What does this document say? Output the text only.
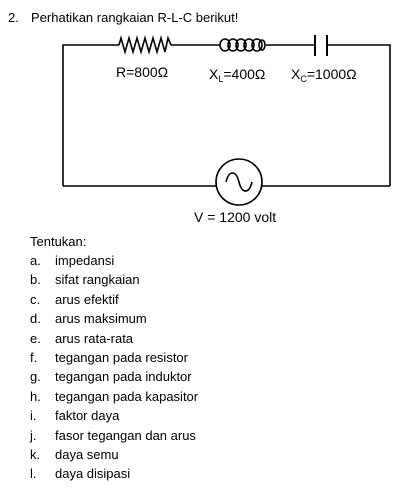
2. Perhatikan rangkaian R-L-C berikut!
R=800Ω	$X_L=400\Omega$ $X_C=1000\Omega$
V = 1200 volt
Tentukan:
a. impedansi
b. sifat rangkaian
c. arus efektif
d. arus maksimum
e. arus rata-rata
f. tegangan pada resistor
g. tegangan pada induktor
h. tegangan pada kapasitor
i. faktor daya
j. fasor tegangan dan arus
k. daya semu
l. daya disipasi
